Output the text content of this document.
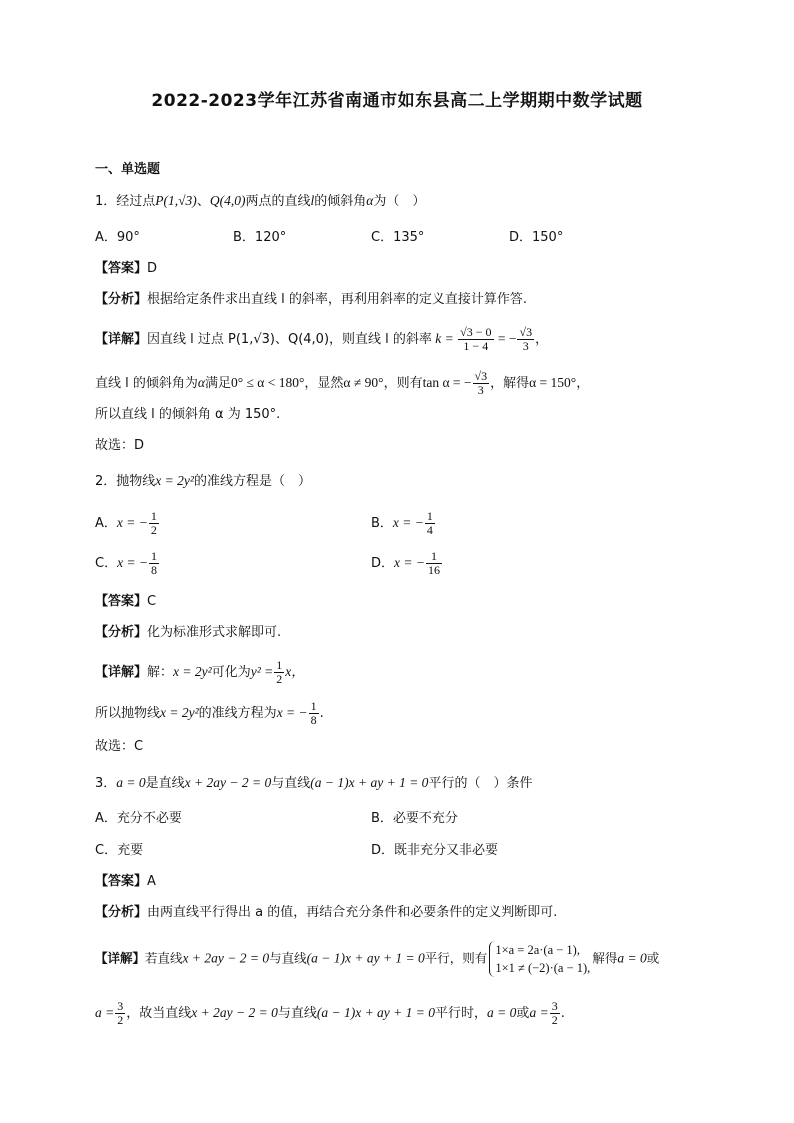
2022-2023学年江苏省南通市如东县高二上学期期中数学试题
一、单选题
1．经过点P(1,√3)、Q(4,0)两点的直线l的倾斜角α为（　）
A．90°	B．120°	C．135°	D．150°
【答案】D
【分析】根据给定条件求出直线 l 的斜率，再利用斜率的定义直接计算作答.
【详解】因直线 l 过点 P(1,√3)、Q(4,0)，则直线 l 的斜率 $k = \frac{√3 - 0}{1 - 4}$ = − $\frac{√3}{3}$ ，
直线 l 的倾斜角为α满足0° ≤ α < 180°，显然α ≠ 90°，则有tan α = − $\frac{√3}{3}$ ，解得α = 150°，
所以直线 l 的倾斜角 α 为 150°.
故选：D
2．抛物线x = 2y²的准线方程是（　）
A．x = − $\frac{1}{2}$	B．x = − $\frac{1}{4}$
C．x = − $\frac{1}{8}$	D．x = − $\frac{1}{16}$
【答案】C
【分析】化为标准形式求解即可.
【详解】解：x = 2y²可化为$y^2 = \frac{1}{2}$ x，
所以抛物线x = 2y²的准线方程为x = − $\frac{1}{8}$ .
故选：C
3．a = 0是直线x + 2ay − 2 = 0与直线(a − 1)x + ay + 1 = 0平行的（　）条件
A．充分不必要	B．必要不充分
C．充要	D．既非充分又非必要
【答案】A
【分析】由两直线平行得出 a 的值，再结合充分条件和必要条件的定义判断即可.
【详解】若直线x + 2ay − 2 = 0与直线(a − 1)x + ay + 1 = 0平行，则有
1×a = 2a·(a − 1),
1×1 ≠ (−2)·(a − 1),
解得a = 0或
$a = \frac{3}{2}$ ，故当直线x + 2ay − 2 = 0与直线(a − 1)x + ay + 1 = 0平行时，a = 0或$a = \frac{3}{2}$ .
